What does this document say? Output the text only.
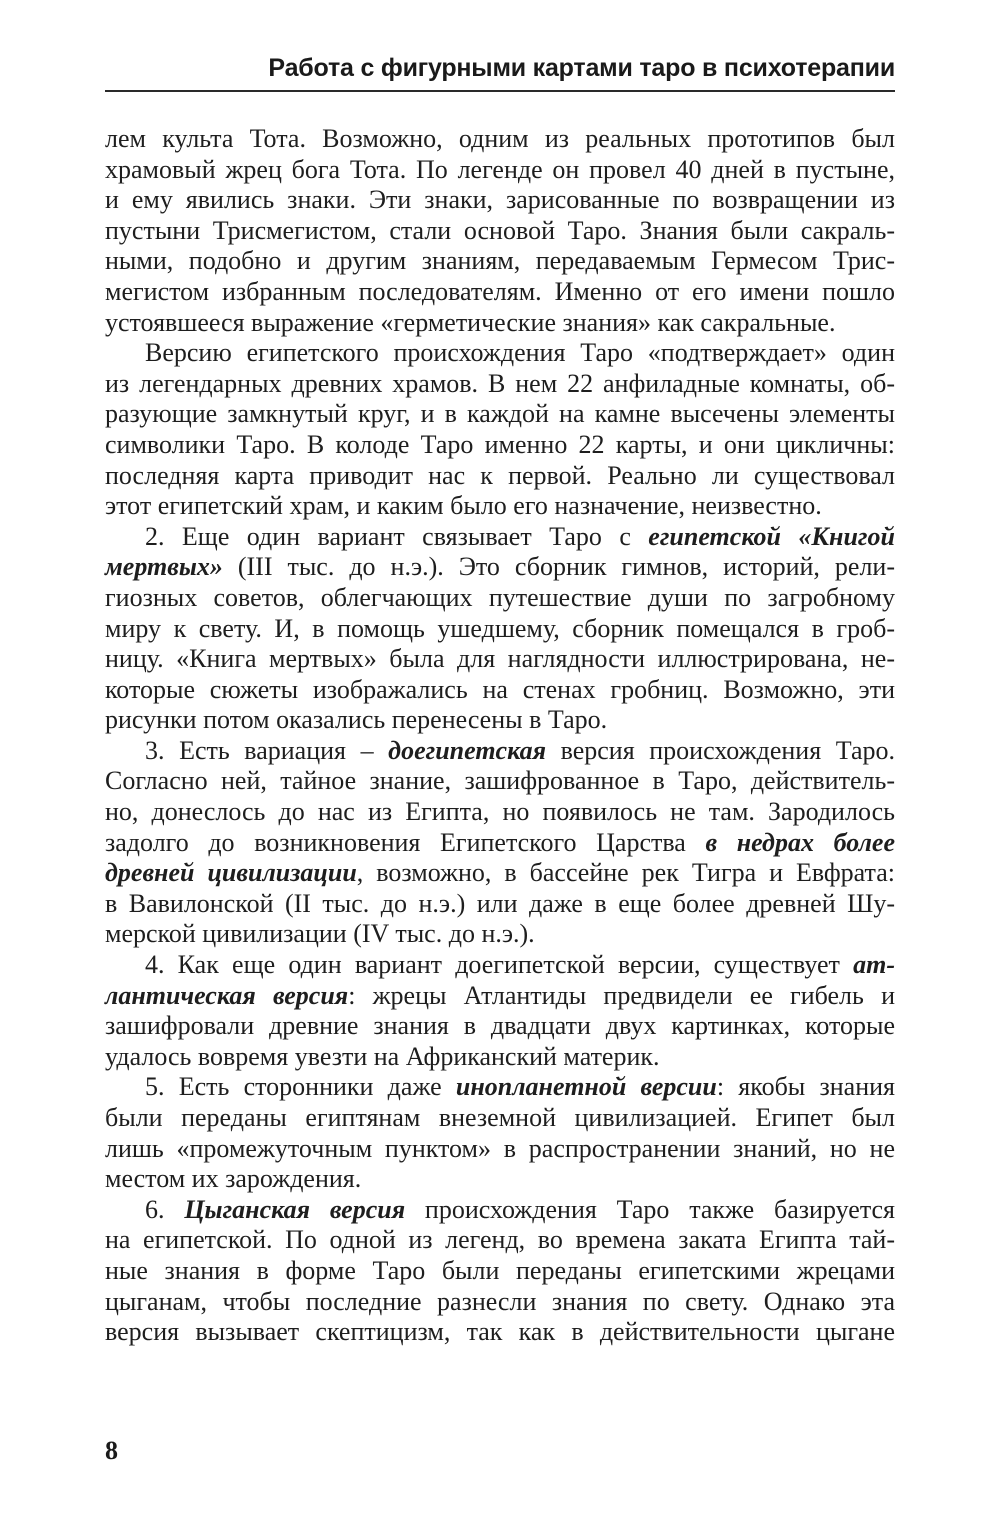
Работа с фигурными картами таро в психотерапии
лем культа Тота. Возможно, одним из реальных прототипов был
храмовый жрец бога Тота. По легенде он провел 40 дней в пустыне,
и ему явились знаки. Эти знаки, зарисованные по возвращении из
пустыни Трисмегистом, стали основой Таро. Знания были сакраль-
ными, подобно и другим знаниям, передаваемым Гермесом Трис-
мегистом избранным последователям. Именно от его имени пошло
устоявшееся выражение «герметические знания» как сакральные.
Версию египетского происхождения Таро «подтверждает» один
из легендарных древних храмов. В нем 22 анфиладные комнаты, об-
разующие замкнутый круг, и в каждой на камне высечены элементы
символики Таро. В колоде Таро именно 22 карты, и они цикличны:
последняя карта приводит нас к первой. Реально ли существовал
этот египетский храм, и каким было его назначение, неизвестно.
2. Еще один вариант связывает Таро с египетской «Книгой
мертвых» (III тыс. до н.э.). Это сборник гимнов, историй, рели-
гиозных советов, облегчающих путешествие души по загробному
миру к свету. И, в помощь ушедшему, сборник помещался в гроб-
ницу. «Книга мертвых» была для наглядности иллюстрирована, не-
которые сюжеты изображались на стенах гробниц. Возможно, эти
рисунки потом оказались перенесены в Таро.
3. Есть вариация – доегипетская версия происхождения Таро.
Согласно ней, тайное знание, зашифрованное в Таро, действитель-
но, донеслось до нас из Египта, но появилось не там. Зародилось
задолго до возникновения Египетского Царства в недрах более
древней цивилизации, возможно, в бассейне рек Тигра и Евфрата:
в Вавилонской (II тыс. до н.э.) или даже в еще более древней Шу-
мерской цивилизации (IV тыс. до н.э.).
4. Как еще один вариант доегипетской версии, существует ат-
лантическая версия: жрецы Атлантиды предвидели ее гибель и
зашифровали древние знания в двадцати двух картинках, которые
удалось вовремя увезти на Африканский материк.
5. Есть сторонники даже инопланетной версии: якобы знания
были переданы египтянам внеземной цивилизацией. Египет был
лишь «промежуточным пунктом» в распространении знаний, но не
местом их зарождения.
6. Цыганская версия происхождения Таро также базируется
на египетской. По одной из легенд, во времена заката Египта тай-
ные знания в форме Таро были переданы египетскими жрецами
цыганам, чтобы последние разнесли знания по свету. Однако эта
версия вызывает скептицизм, так как в действительности цыгане
8
